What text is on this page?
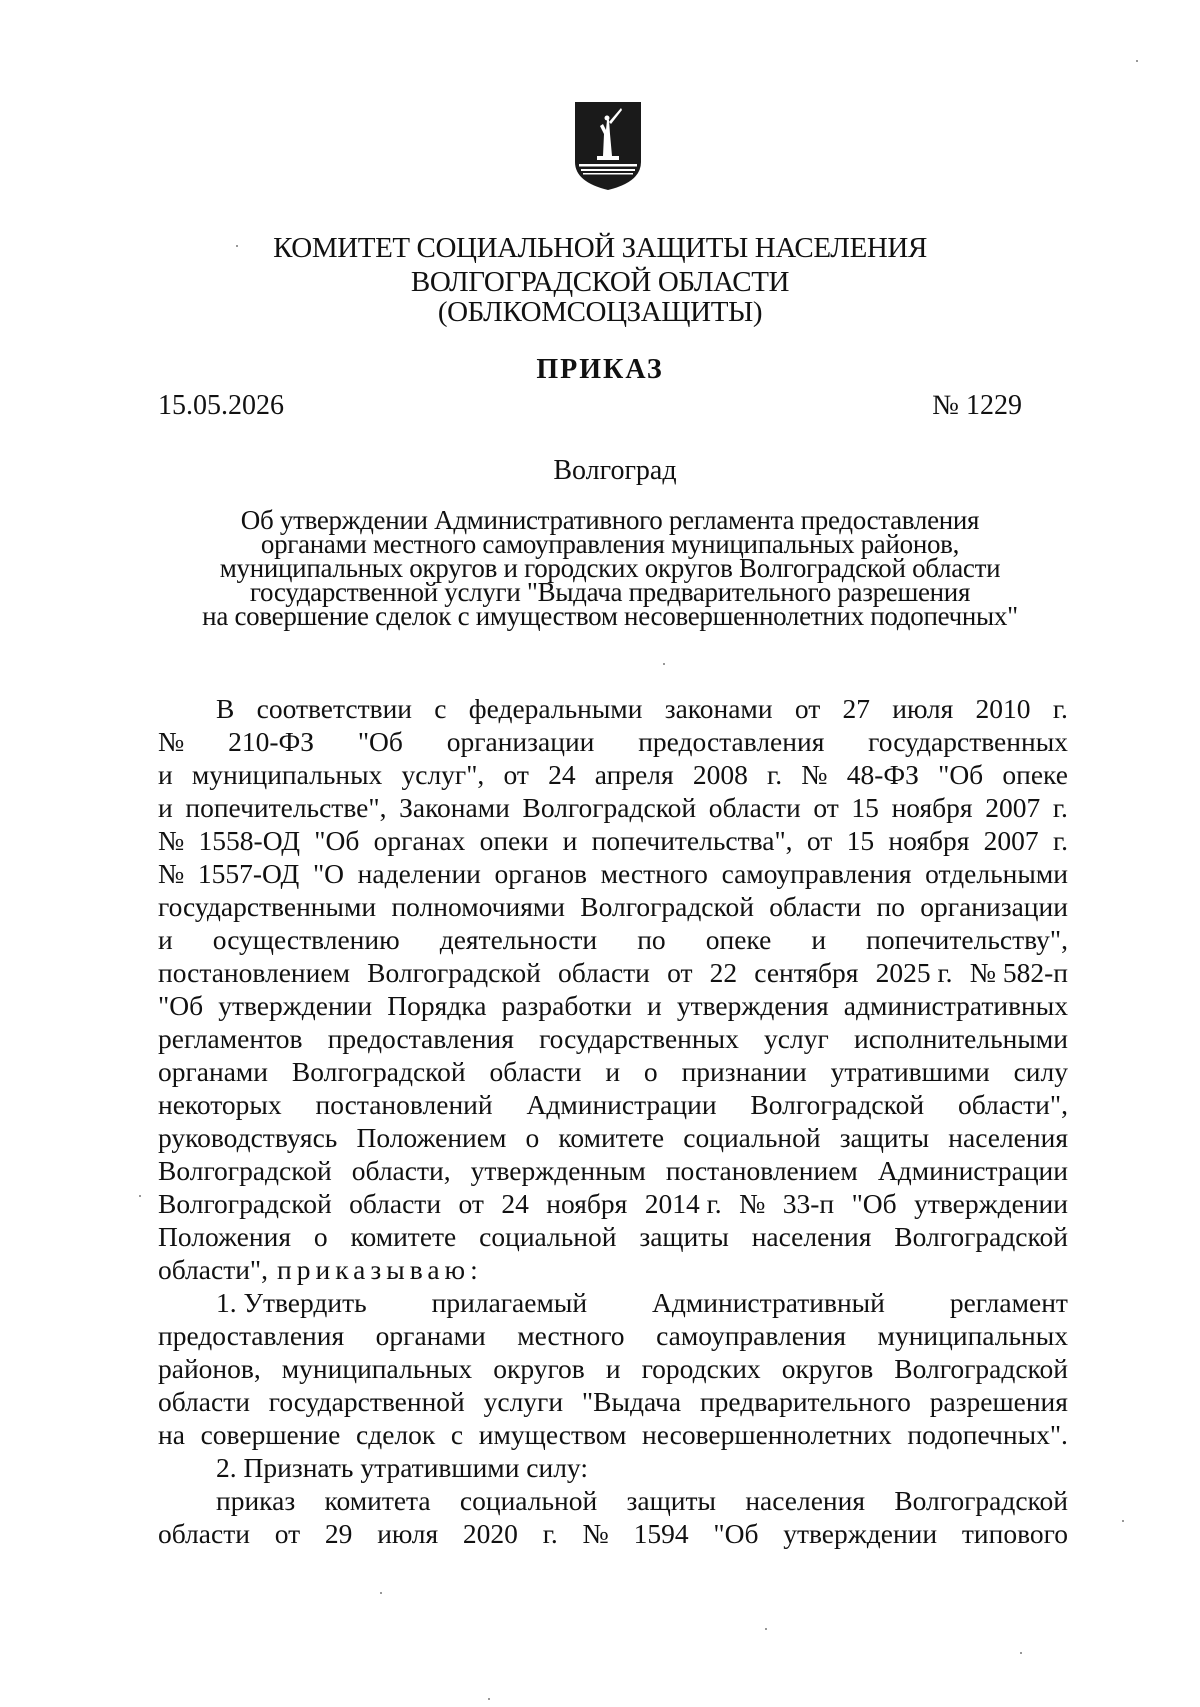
КОМИТЕТ СОЦИАЛЬНОЙ ЗАЩИТЫ НАСЕЛЕНИЯ
ВОЛГОГРАДСКОЙ ОБЛАСТИ
(ОБЛКОМСОЦЗАЩИТЫ)
ПРИКАЗ
15.05.2026	№ 1229
Волгоград
Об утверждении Административного регламента предоставления
органами местного самоуправления муниципальных районов,
муниципальных округов и городских округов Волгоградской области
государственной услуги "Выдача предварительного разрешения
на совершение сделок с имуществом несовершеннолетних подопечных"
В соответствии с федеральными законами от 27 июля 2010 г.
№ 210-ФЗ "Об организации предоставления государственных
и муниципальных услуг", от 24 апреля 2008 г. № 48-ФЗ "Об опеке
и попечительстве", Законами Волгоградской области от 15 ноября 2007 г.
№ 1558-ОД "Об органах опеки и попечительства", от 15 ноября 2007 г.
№ 1557-ОД "О наделении органов местного самоуправления отдельными
государственными полномочиями Волгоградской области по организации
и осуществлению деятельности по опеке и попечительству",
постановлением Волгоградской области от 22 сентября 2025 г. № 582-п
"Об утверждении Порядка разработки и утверждения административных
регламентов предоставления государственных услуг исполнительными
органами Волгоградской области и о признании утратившими силу
некоторых постановлений Администрации Волгоградской области",
руководствуясь Положением о комитете социальной защиты населения
Волгоградской области, утвержденным постановлением Администрации
Волгоградской области от 24 ноября 2014 г. № 33-п "Об утверждении
Положения о комитете социальной защиты населения Волгоградской
области", приказываю:
1. Утвердить прилагаемый Административный регламент
предоставления органами местного самоуправления муниципальных
районов, муниципальных округов и городских округов Волгоградской
области государственной услуги "Выдача предварительного разрешения
на совершение сделок с имуществом несовершеннолетних подопечных".
2. Признать утратившими силу:
приказ комитета социальной защиты населения Волгоградской
области от 29 июля 2020 г. № 1594 "Об утверждении типового
